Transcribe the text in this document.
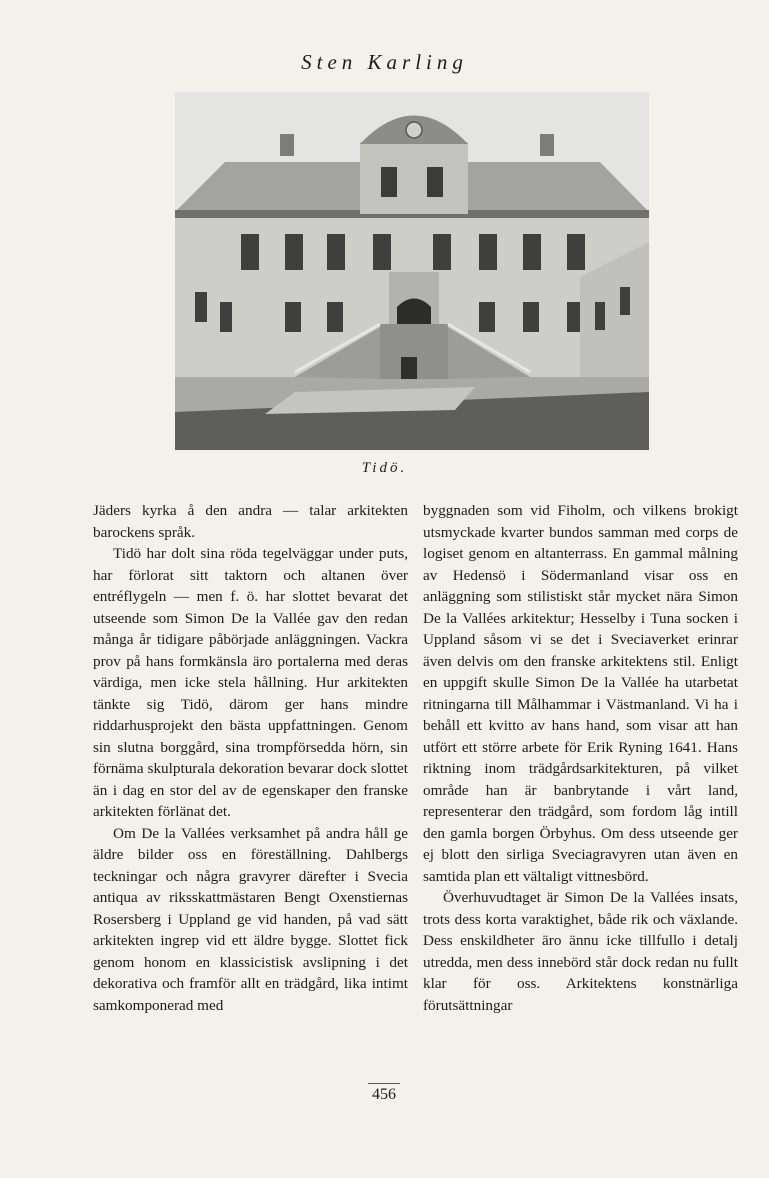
Sten Karling
Tidö.

Jäders kyrka å den andra — talar arkitekten barockens språk.

Tidö har dolt sina röda tegelväggar under puts, har förlorat sitt taktorn och altanen över entréflygeln — men f. ö. har slottet bevarat det utseende som Simon De la Vallée gav den redan många år tidigare påbörjade anläggningen. Vackra prov på hans formkänsla äro portalerna med deras värdiga, men icke stela hållning. Hur arkitekten tänkte sig Tidö, därom ger hans mindre riddarhusprojekt den bästa uppfattningen. Genom sin slutna borggård, sina trompförsedda hörn, sin förnäma skulpturala dekoration bevarar dock slottet än i dag en stor del av de egenskaper den franske arkitekten förlänat det.

Om De la Vallées verksamhet på andra håll ge äldre bilder oss en föreställning. Dahlbergs teckningar och några gravyrer därefter i Svecia antiqua av riksskattmästaren Bengt Oxenstiernas Rosersberg i Uppland ge vid handen, på vad sätt arkitekten ingrep vid ett äldre bygge. Slottet fick genom honom en klassicistisk avslipning i det dekorativa och framför allt en trädgård, lika intimt samkomponerad med

byggnaden som vid Fiholm, och vilkens brokigt utsmyckade kvarter bundos samman med corps de logiset genom en altanterrass. En gammal målning av Hedensö i Södermanland visar oss en anläggning som stilistiskt står mycket nära Simon De la Vallées arkitektur; Hesselby i Tuna socken i Uppland såsom vi se det i Sveciaverket erinrar även delvis om den franske arkitektens stil. Enligt en uppgift skulle Simon De la Vallée ha utarbetat ritningarna till Målhammar i Västmanland. Vi ha i behåll ett kvitto av hans hand, som visar att han utfört ett större arbete för Erik Ryning 1641. Hans riktning inom trädgårdsarkitekturen, på vilket område han är banbrytande i vårt land, representerar den trädgård, som fordom låg intill den gamla borgen Örbyhus. Om dess utseende ger ej blott den sirliga Sveciagravyren utan även en samtida plan ett vältaligt vittnesbörd.

Överhuvudtaget är Simon De la Vallées insats, trots dess korta varaktighet, både rik och växlande. Dess enskildheter äro ännu icke tillfullo i detalj utredda, men dess innebörd står dock redan nu fullt klar för oss. Arkitektens konstnärliga förutsättningar

456
